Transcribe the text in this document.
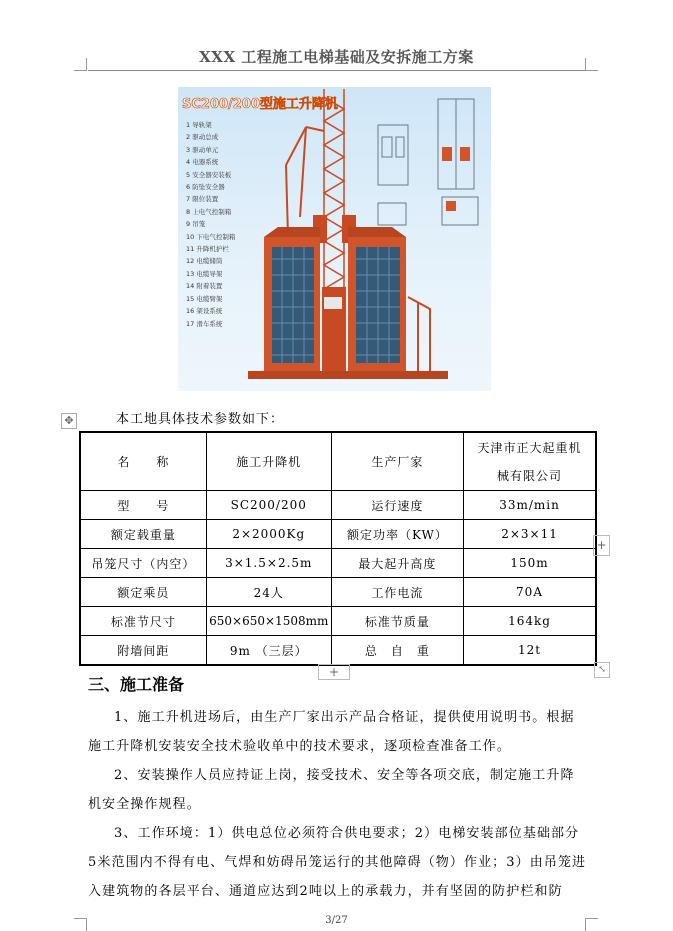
XXX 工程施工电梯基础及安拆施工方案
SC200/200型施工升降机
1 导轨架
2 驱动总成
3 驱动单元
4 电器系统
5 安全器安装板
6 防坠安全器
7 限位装置
8 上电气控制箱
9 吊笼
10 下电气控制箱
11 升降机护栏
12 电缆储筒
13 电缆导架
14 附着装置
15 电缆臂架
16 架设系统
17 滑车系统
✥	本工地具体技术参数如下：
名　　称	施工升降机	生产厂家	天津市正大起重机械有限公司
型　　号	SC200/200	运行速度	33m/min
额定载重量	2×2000Kg	额定功率（KW）	2×3×11
吊笼尺寸（内空）	3×1.5×2.5m	最大起升高度	150m
额定乘员	24人	工作电流	70A
标准节尺寸	650×650×1508mm	标准节质量	164kg
附墙间距	9m （三层）	总　自　重	12t
+
+	⤡
三、施工准备
1、施工升机进场后，由生产厂家出示产品合格证，提供使用说明书。根据施工升降机安装安全技术验收单中的技术要求，逐项检查准备工作。
2、安装操作人员应持证上岗，接受技术、安全等各项交底，制定施工升降机安全操作规程。
3、工作环境：1）供电总位必须符合供电要求；2）电梯安装部位基础部分5米范围内不得有电、气焊和妨碍吊笼运行的其他障碍（物）作业；3）由吊笼进入建筑物的各层平台、通道应达到2吨以上的承载力，并有坚固的防护栏和防
3/27
